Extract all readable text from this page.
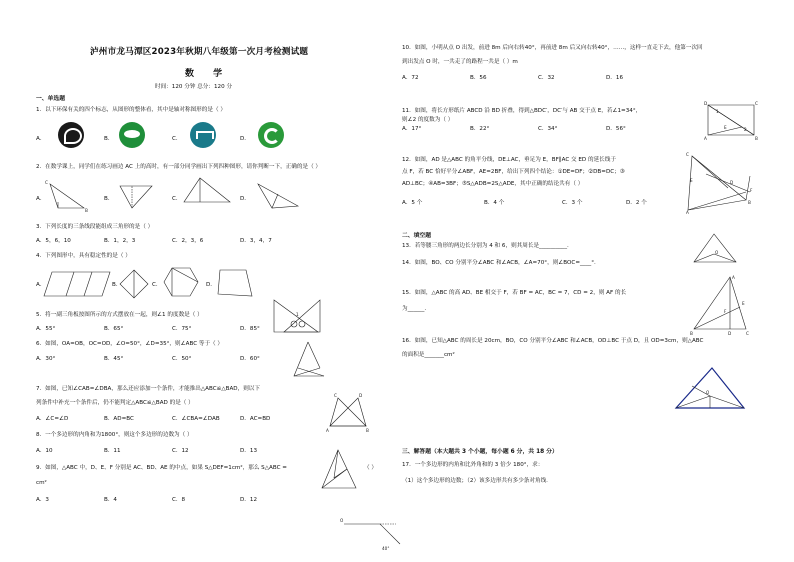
泸州市龙马潭区2023年秋期八年级第一次月考检测试题
数 学
时间：120 分钟 总分：120 分
一、单选题
1．以下环保有关的四个标志，从图形的整体看，其中是轴对称图形的是（ ）
A．	B．	C．	D．
2．在数学课上，同学们在练习画边 AC 上的高时，有一部分同学画出下列四种图形，请你判断一下，正确的是（ ）
A．
C
B
B．	C．	D．
3．下列长度的三条线段能组成三角形的是（ ）
A．5，6，10	B．1，2，3	C．2，3，6	D．3，4，7
4．下列图形中，具有稳定性的是（ ）
A．	B．	C．	D．
5．将一副三角板按图所示的方式摆放在一起，则∠1 的度数是（ ）	1
A．55°	B．65°	C．75°	D．85°
6．如图，OA=OB，OC=OD，∠O=50°，∠D=35°，则∠ABC 等于（ ）
A．30°	B．45°	C．50°	D．60°
7．如图，已知∠CAB=∠DBA，那么还应添加一个条件，才能推出△ABC≌△BAD，则以下
列条件中补充一个条件后，仍不能判定△ABC≌△BAD 的是（ ）
C	D
A	B
A．∠C=∠D	B．AD=BC	C．∠CBA=∠DAB	D．AC=BD
8．一个多边形的内角和为1800°，则这个多边形的边数为（ ）
A．10	B．11	C．12	D．13
9．如图，△ABC 中，D、E、F 分别是 AC、BD、AE 的中点，如果 S△DEF=1cm²，那么 S△ABC =	（ ）
cm²
A．3	B．4	C．8	D．12
O
40°
10．如图，小明从点 O 出发，前进 8m 后向右转40°，再前进 8m 后又向右转40°，……，这样一直走下去，他第一次回
到出发点 O 时，一共走了的路程一共是（ ）m
A．72	B．56	C．32	D．16
11．如图，将长方形纸片 ABCD 沿 BD 折叠，得到△BDC′，DC′与 AB 交于点 E，若∠1=34°，
则∠2 的度数为（ ）
A．17°	B．22°	C．34°	D．56°
D	C
A	B
E
1
2
12．如图，AD 是△ABC 的角平分线，DE⊥AC，垂足为 E，BF∥AC 交 ED 的延长线于
点 F，若 BC 恰好平分∠ABF，AE=2BF，给出下列四个结论：①DE=DF；②DB=DC；③
AD⊥BC；④AB=3BF；⑤S△ADB=2S△ADE，其中正确的结论共有（ ）
A．5 个	B．4 个	C．3 个	D．2 个
C
E	D
F
B
A
二、填空题
13．若等腰三角形的两边长分别为 4 和 6，则其周长是__________.
14．如图，BO、CO 分别平分∠ABC 和∠ACB，∠A=70°，则∠BOC=____°.
O
15．如图，△ABC 的高 AD、BE 相交于 F，若 BF = AC，BC = 7，CD = 2，则 AF 的长
为______.
A
E
F
B	D	C
16．如图，已知△ABC 的周长是 20cm，BO，CO 分别平分∠ABC 和∠ACB，OD⊥BC 于点 D，且 OD=3cm，则△ABC
的面积是_______cm²
O
三、解答题（本大题共 3 个小题，每小题 6 分，共 18 分）
17．一个多边形的内角和比外角和的 3 倍少 180°，求：
（1）这个多边形的边数；（2）该多边形共有多少条对角线.
